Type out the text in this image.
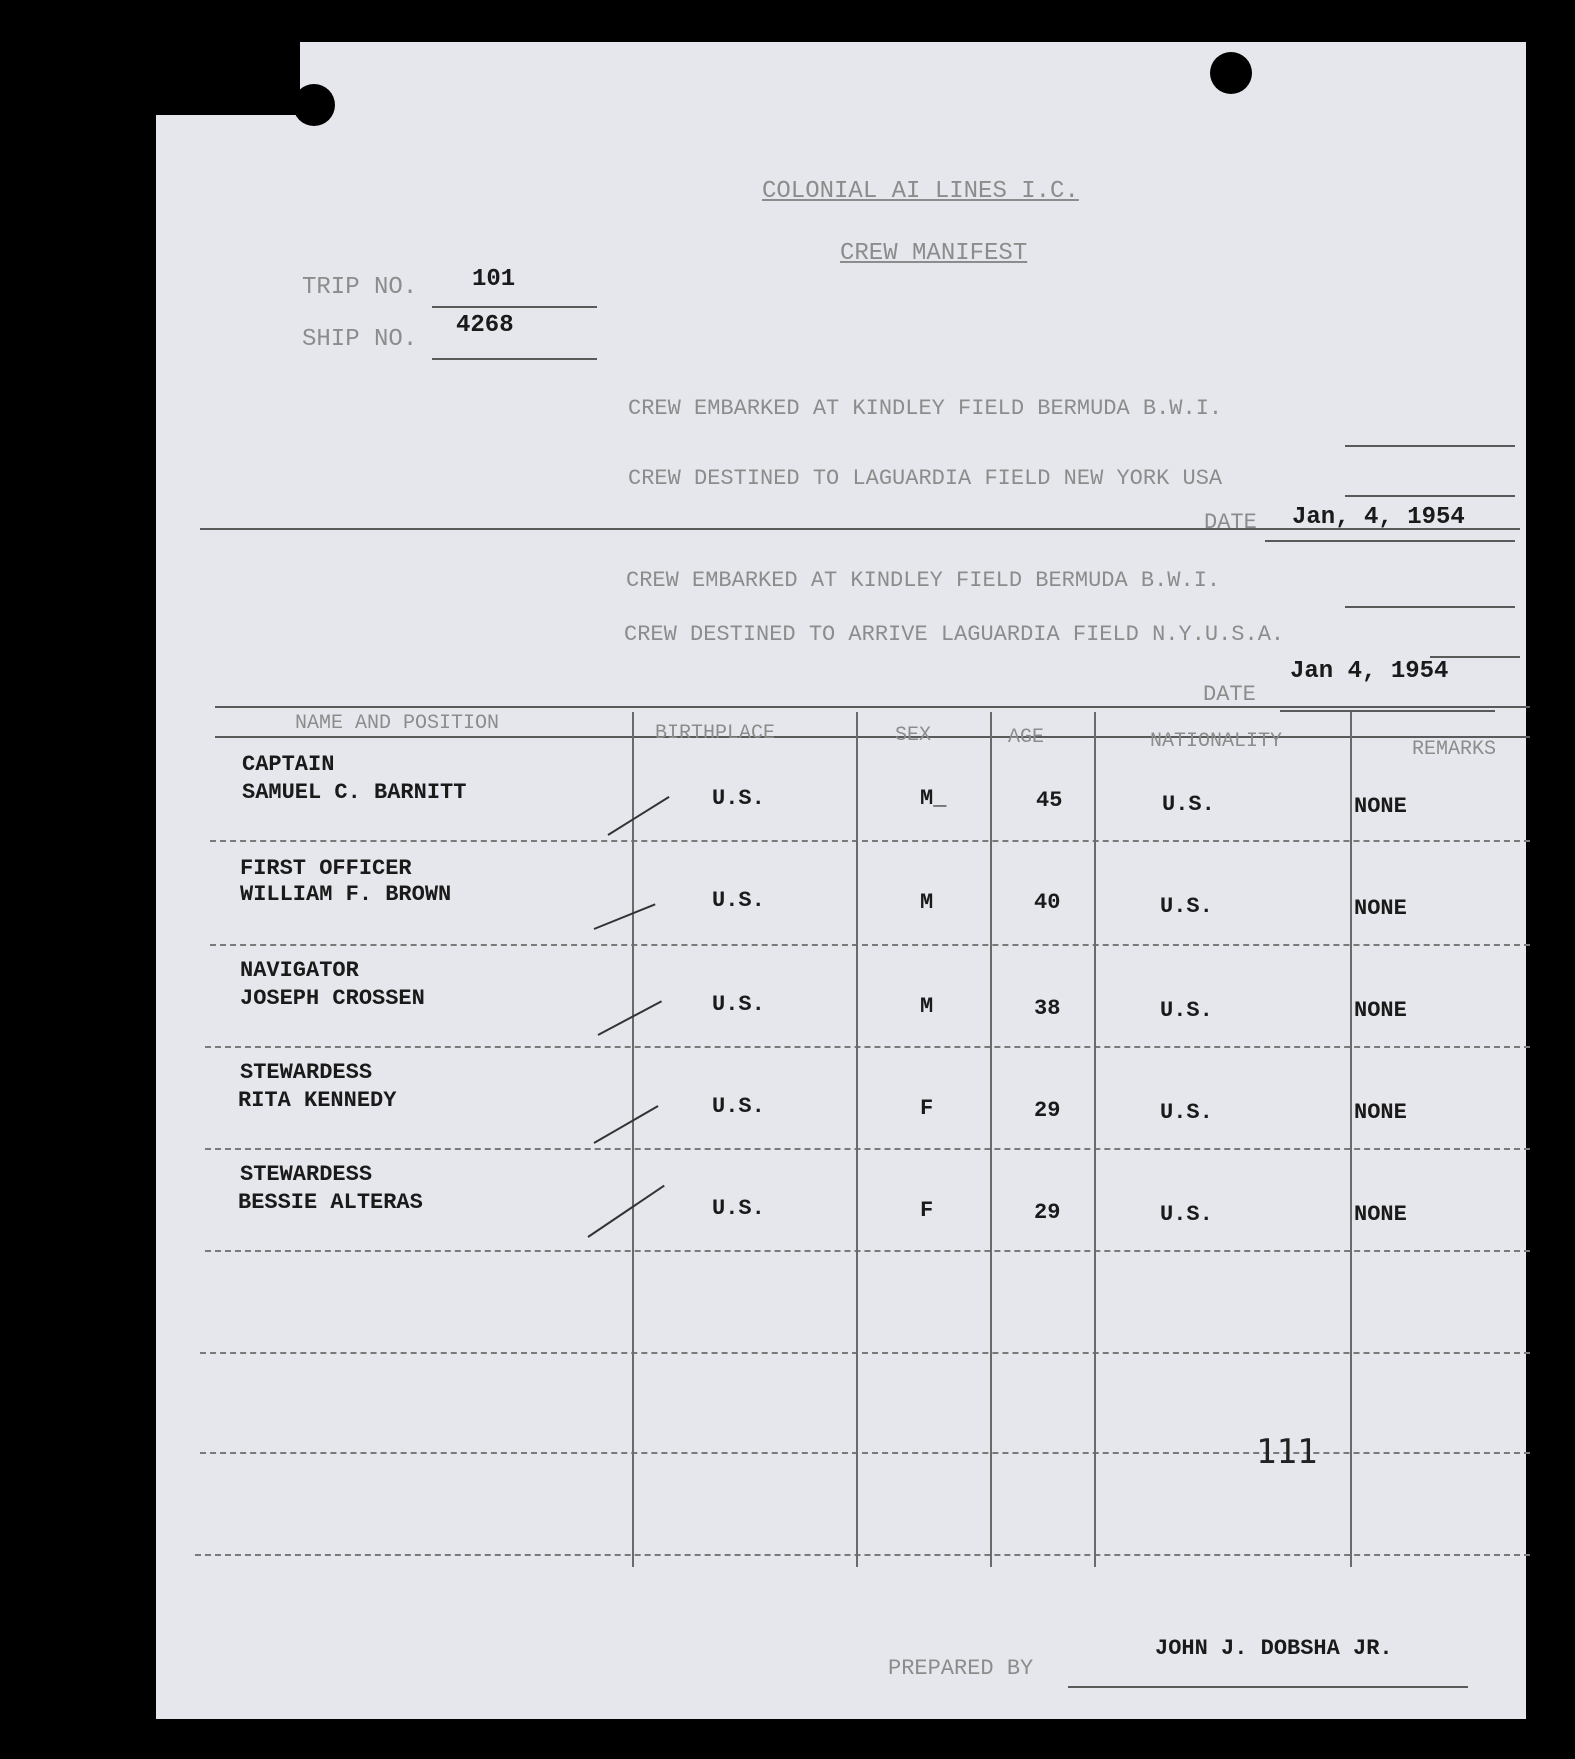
COLONIAL AI LINES I.C.
CREW MANIFEST
TRIP NO. 101
SHIP NO.
4268
CREW EMBARKED AT KINDLEY FIELD BERMUDA B.W.I.
CREW DESTINED TO LAGUARDIA FIELD NEW YORK USA
DATE Jan, 4, 1954
CREW EMBARKED AT KINDLEY FIELD BERMUDA B.W.I.
CREW DESTINED TO ARRIVE LAGUARDIA FIELD N.Y.U.S.A.
DATE
Jan 4, 1954
NAME AND POSITION	BIRTHPLACE	SEX	AGE	NATIONALITY	REMARKS
CAPTAIN
SAMUEL C. BARNITT	U.S.	M_	45	U.S.	NONE
FIRST OFFICER
WILLIAM F. BROWN	U.S.	M	40	U.S.	NONE
NAVIGATOR
JOSEPH CROSSEN	U.S.	M	38	U.S.	NONE
STEWARDESS
RITA KENNEDY	U.S.	F	29	U.S.	NONE
STEWARDESS
BESSIE ALTERAS	U.S.	F	29	U.S.	NONE
111
PREPARED BY
JOHN J. DOBSHA JR.
